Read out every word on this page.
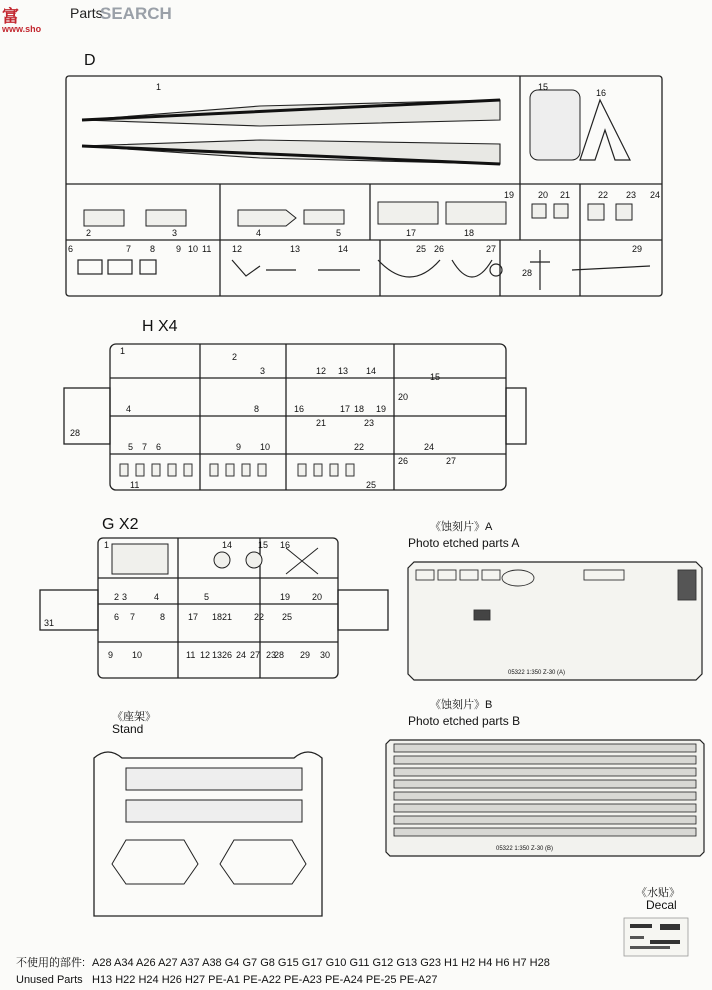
富
www.sho
Parts
SEARCH
D
1
2	3	4	5
6	7 8 9 10 11 12	13	14
15
16
17	18
19	20 21	22 23 24
25 26	27
28
29
H X4
1
2
3
4
5	6
7
8
9 10
11
12 13 14
15
16	17 18 19
20
21
22
23
24
25
26	27
28
G X2
1
2 3	4	5
6 7	8
9 10	11 12 13
14	15 16
17 18
19 20
21 22
23
24
25
26 27 28 29 30
31
《蚀刻片》A
Photo etched parts A
05322 1:350 Z-30 (A)
《座架》
Stand
《蚀刻片》B
Photo etched parts B
05322 1:350 Z-30 (B)
《水贴》
Decal
不使用的部件:
Unused Parts
A28 A34 A26 A27 A37 A38 G4 G7 G8 G15 G17 G10 G11 G12 G13 G23 H1 H2 H4 H6 H7 H28
H13 H22 H24 H26 H27 PE-A1 PE-A22 PE-A23 PE-A24 PE-25 PE-A27
